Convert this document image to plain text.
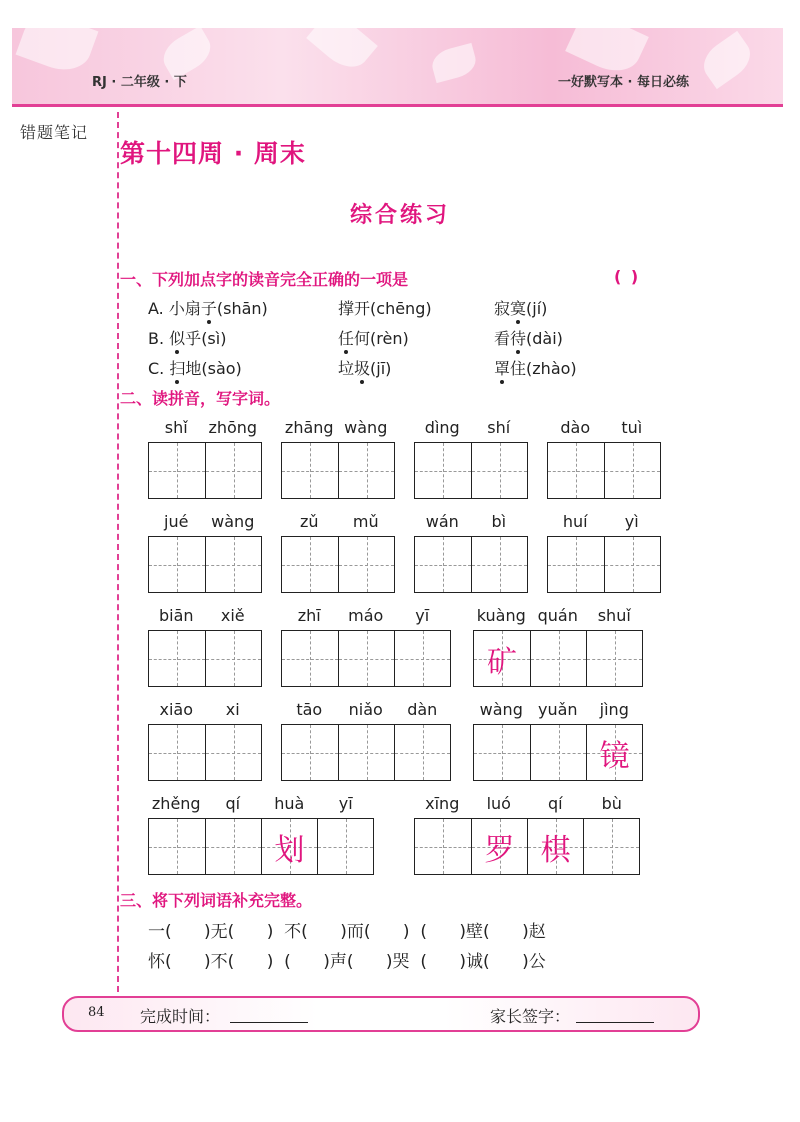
RJ · 二年级 · 下	一好默写本 · 每日必练
错题笔记
第十四周 · 周末
综合练习
一、下列加点字的读音完全正确的一项是	( )
A. 小扇子(shān)	撑开(chēng)	寂寞(jí)
B. 似乎(sì)	任何(rèn)	看待(dài)
C. 扫地(sào)	垃圾(jī)	罩住(zhào)
二、读拼音，写字词。
shǐ	zhōng zhāng wàng	dìng	shí	dào	tuì
jué	wàng	zǔ	mǔ	wán	bì	huí	yì
biān	xiě	zhī	máo	yī	kuàng quán	shuǐ
矿
xiāo	xi	tāo	niǎo	dàn	wàng yuǎn	jìng
镜
zhěng	qí	huà	yī
划
xīng	luó	qí	bù
罗 棋
三、将下列词语补充完整。
一(      )无(      )  不(      )而(      )  (      )壁(      )赵
怀(      )不(      )  (      )声(      )哭  (      )诚(      )公
84 完成时间：	家长签字：
